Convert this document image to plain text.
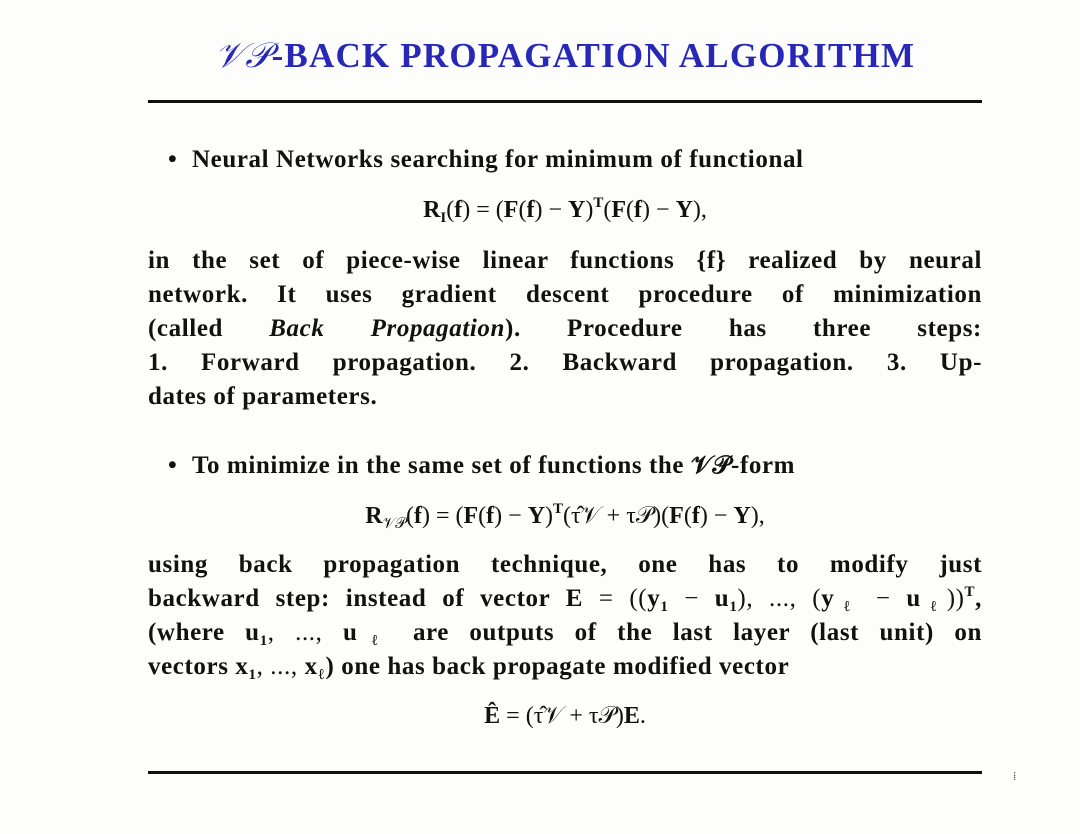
𝒱𝒫-BACK PROPAGATION ALGORITHM
• Neural Networks searching for minimum of functional
$R_I(f) = (F(f) - Y)^T(F(f) - Y)$,
in the set of piece-wise linear functions {f} realized by neural
network. It uses gradient descent procedure of minimization
(called Back Propagation). Procedure has three steps:
1. Forward propagation. 2. Backward propagation. 3. Up-
dates of parameters.
• To minimize in the same set of functions the 𝒱𝒫-form
$R_{𝒱𝒫}(f) = (F(f)$ − $Y)^T(\taû𝒱$ + τ𝒫)(F(f) − Y),
using back propagation technique, one has to modify just
backward step: instead of vector $E = ((y_1 - u_1)$, ..., $(y_\ell - u_\ell))^T$,
(where $u_1$, ..., $u_\ell$ are outputs of the last layer (last unit) on
vectors $x_1$, ..., $x_\ell$) one has back propagate modified vector
Ê = (τ̂𝒱 + τ𝒫)E.
⁞
